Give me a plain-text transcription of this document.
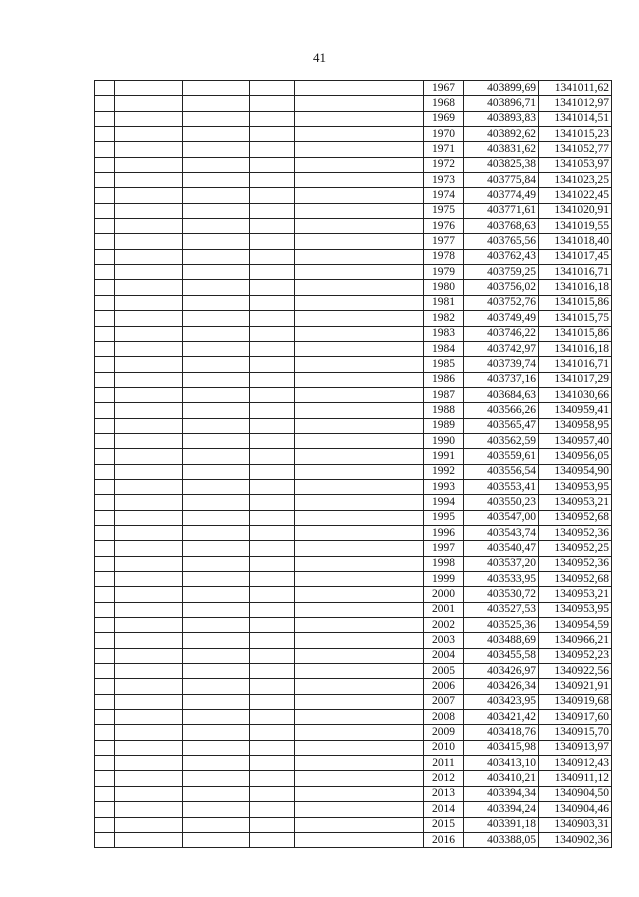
41
					1967	403899,69	1341011,62
					1968	403896,71	1341012,97
					1969	403893,83	1341014,51
					1970	403892,62	1341015,23
					1971	403831,62	1341052,77
					1972	403825,38	1341053,97
					1973	403775,84	1341023,25
					1974	403774,49	1341022,45
					1975	403771,61	1341020,91
					1976	403768,63	1341019,55
					1977	403765,56	1341018,40
					1978	403762,43	1341017,45
					1979	403759,25	1341016,71
					1980	403756,02	1341016,18
					1981	403752,76	1341015,86
					1982	403749,49	1341015,75
					1983	403746,22	1341015,86
					1984	403742,97	1341016,18
					1985	403739,74	1341016,71
					1986	403737,16	1341017,29
					1987	403684,63	1341030,66
					1988	403566,26	1340959,41
					1989	403565,47	1340958,95
					1990	403562,59	1340957,40
					1991	403559,61	1340956,05
					1992	403556,54	1340954,90
					1993	403553,41	1340953,95
					1994	403550,23	1340953,21
					1995	403547,00	1340952,68
					1996	403543,74	1340952,36
					1997	403540,47	1340952,25
					1998	403537,20	1340952,36
					1999	403533,95	1340952,68
					2000	403530,72	1340953,21
					2001	403527,53	1340953,95
					2002	403525,36	1340954,59
					2003	403488,69	1340966,21
					2004	403455,58	1340952,23
					2005	403426,97	1340922,56
					2006	403426,34	1340921,91
					2007	403423,95	1340919,68
					2008	403421,42	1340917,60
					2009	403418,76	1340915,70
					2010	403415,98	1340913,97
					2011	403413,10	1340912,43
					2012	403410,21	1340911,12
					2013	403394,34	1340904,50
					2014	403394,24	1340904,46
					2015	403391,18	1340903,31
					2016	403388,05	1340902,36
